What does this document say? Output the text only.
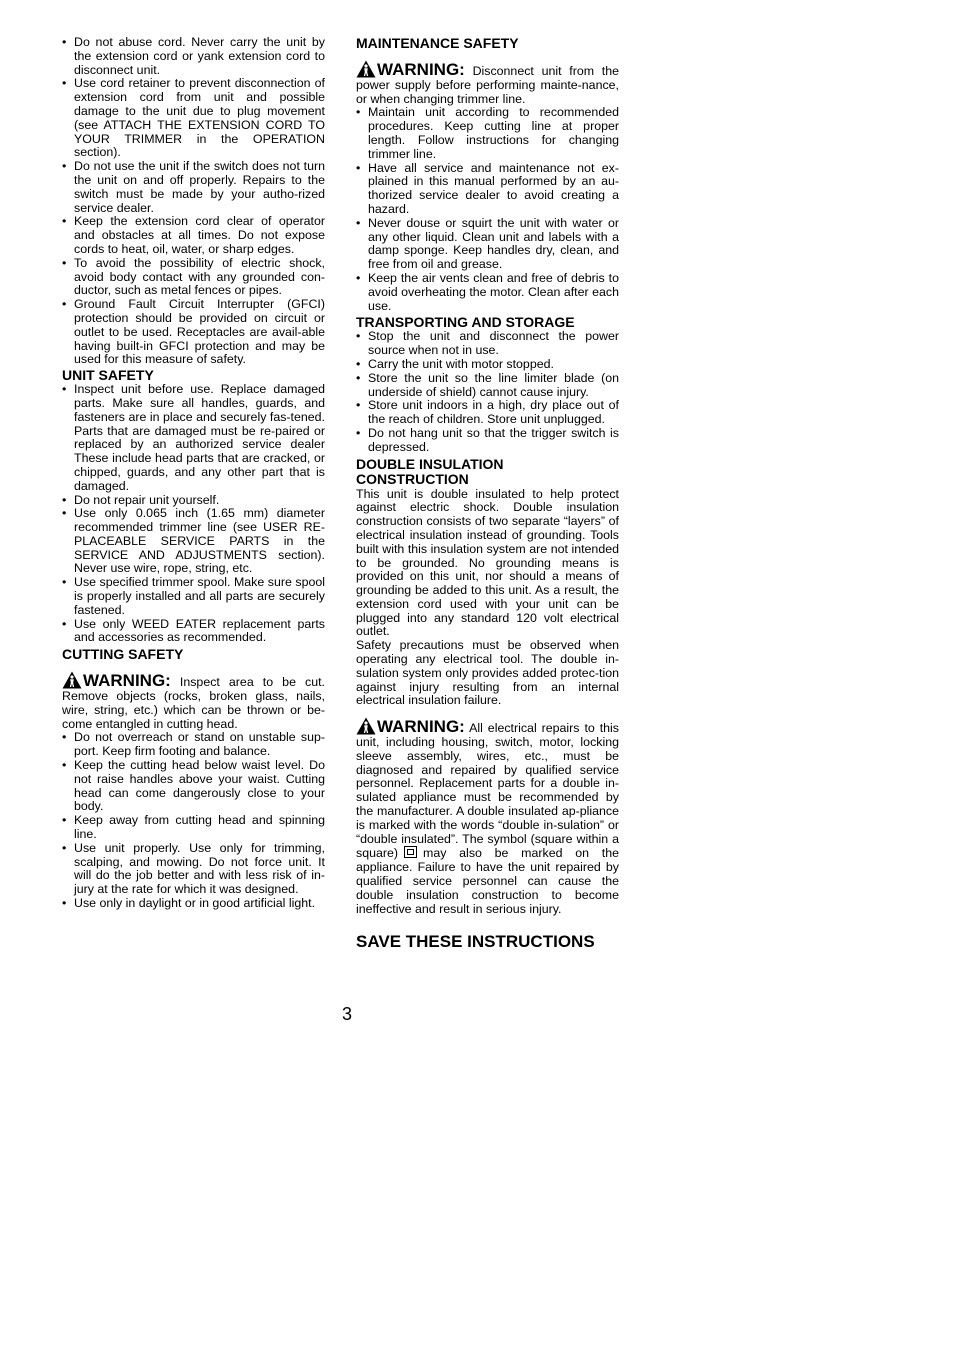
• Do not abuse cord. Never carry the unit by the extension cord or yank extension cord to disconnect unit.
• Use cord retainer to prevent disconnection of extension cord from unit and possible damage to the unit due to plug movement (see ATTACH THE EXTENSION CORD TO YOUR TRIMMER in the OPERATION section).
• Do not use the unit if the switch does not turn the unit on and off properly. Repairs to the switch must be made by your autho-rized service dealer.
• Keep the extension cord clear of operator and obstacles at all times. Do not expose cords to heat, oil, water, or sharp edges.
• To avoid the possibility of electric shock, avoid body contact with any grounded con-ductor, such as metal fences or pipes.
• Ground Fault Circuit Interrupter (GFCI) protection should be provided on circuit or outlet to be used. Receptacles are avail-able having built-in GFCI protection and may be used for this measure of safety.
UNIT SAFETY
• Inspect unit before use. Replace damaged parts. Make sure all handles, guards, and fasteners are in place and securely fas-tened. Parts that are damaged must be re-paired or replaced by an authorized service dealer These include head parts that are cracked, or chipped, guards, and any other part that is damaged.
• Do not repair unit yourself.
• Use only 0.065 inch (1.65 mm) diameter recommended trimmer line (see USER RE-PLACEABLE SERVICE PARTS in the SERVICE AND ADJUSTMENTS section). Never use wire, rope, string, etc.
• Use specified trimmer spool. Make sure spool is properly installed and all parts are securely fastened.
• Use only WEED EATER replacement parts and accessories as recommended.
CUTTING SAFETY

WARNING: Inspect area to be cut. Remove objects (rocks, broken glass, nails, wire, string, etc.) which can be thrown or be-come entangled in cutting head.

• Do not overreach or stand on unstable sup-port. Keep firm footing and balance.
• Keep the cutting head below waist level. Do not raise handles above your waist. Cutting head can come dangerously close to your body.
• Keep away from cutting head and spinning line.
• Use unit properly. Use only for trimming, scalping, and mowing. Do not force unit. It will do the job better and with less risk of in-jury at the rate for which it was designed.
• Use only in daylight or in good artificial light.
MAINTENANCE SAFETY

WARNING: Disconnect unit from the power supply before performing mainte-nance, or when changing trimmer line.

• Maintain unit according to recommended procedures. Keep cutting line at proper length. Follow instructions for changing trimmer line.
• Have all service and maintenance not ex-plained in this manual performed by an au-thorized service dealer to avoid creating a hazard.
• Never douse or squirt the unit with water or any other liquid. Clean unit and labels with a damp sponge. Keep handles dry, clean, and free from oil and grease.
• Keep the air vents clean and free of debris to avoid overheating the motor. Clean after each use.
TRANSPORTING AND STORAGE
• Stop the unit and disconnect the power source when not in use.
• Carry the unit with motor stopped.
• Store the unit so the line limiter blade (on underside of shield) cannot cause injury.
• Store unit indoors in a high, dry place out of the reach of children. Store unit unplugged.
• Do not hang unit so that the trigger switch is depressed.
DOUBLE INSULATION
CONSTRUCTION

This unit is double insulated to help protect against electric shock. Double insulation construction consists of two separate “layers” of electrical insulation instead of grounding. Tools built with this insulation system are not intended to be grounded. No grounding means is provided on this unit, nor should a means of grounding be added to this unit. As a result, the extension cord used with your unit can be plugged into any standard 120 volt electrical outlet.

Safety precautions must be observed when operating any electrical tool. The double in-sulation system only provides added protec-tion against injury resulting from an internal electrical insulation failure.

WARNING: All electrical repairs to this unit, including housing, switch, motor, locking sleeve assembly, wires, etc., must be diagnosed and repaired by qualified service personnel. Replacement parts for a double in-sulated appliance must be recommended by the manufacturer. A double insulated ap-pliance is marked with the words “double in-sulation” or “double insulated”. The symbol (square within a square) may also be marked on the appliance. Failure to have the unit repaired by qualified service personnel can cause the double insulation construction to become ineffective and result in serious injury.

SAVE THESE INSTRUCTIONS
3
